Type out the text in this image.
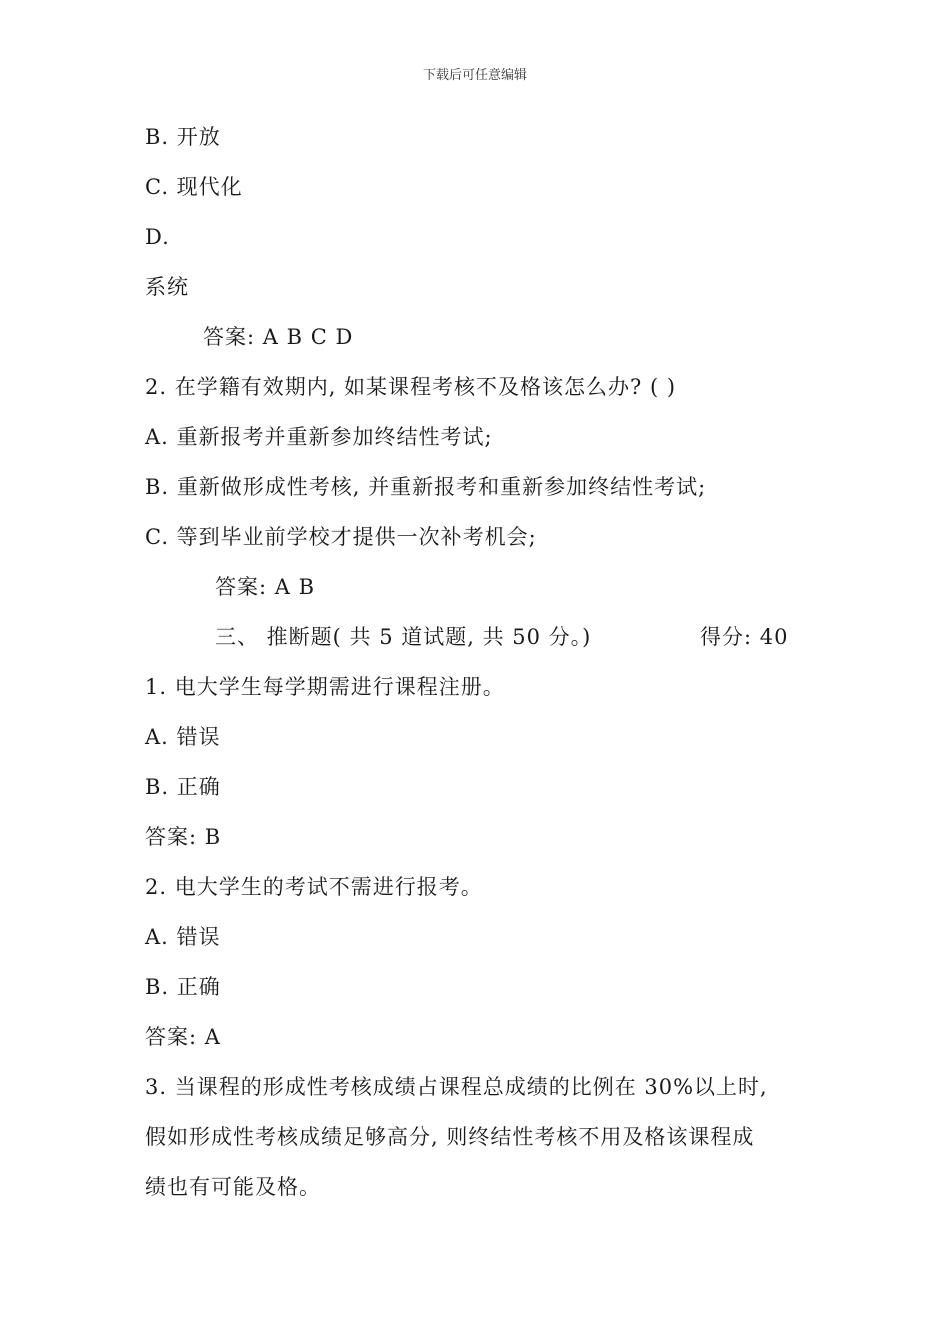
下载后可任意编辑
B. 开放
C. 现代化
D.
系统
答案: A B C D
2. 在学籍有效期内, 如某课程考核不及格该怎么办? ( )
A. 重新报考并重新参加终结性考试;
B. 重新做形成性考核, 并重新报考和重新参加终结性考试;
C. 等到毕业前学校才提供一次补考机会;
答案: A B
三、 推断题( 共 5 道试题, 共 50 分。)	得分: 40
1. 电大学生每学期需进行课程注册。
A. 错误
B. 正确
答案: B
2. 电大学生的考试不需进行报考。
A. 错误
B. 正确
答案: A
3. 当课程的形成性考核成绩占课程总成绩的比例在 30%以上时,
假如形成性考核成绩足够高分, 则终结性考核不用及格该课程成
绩也有可能及格。
